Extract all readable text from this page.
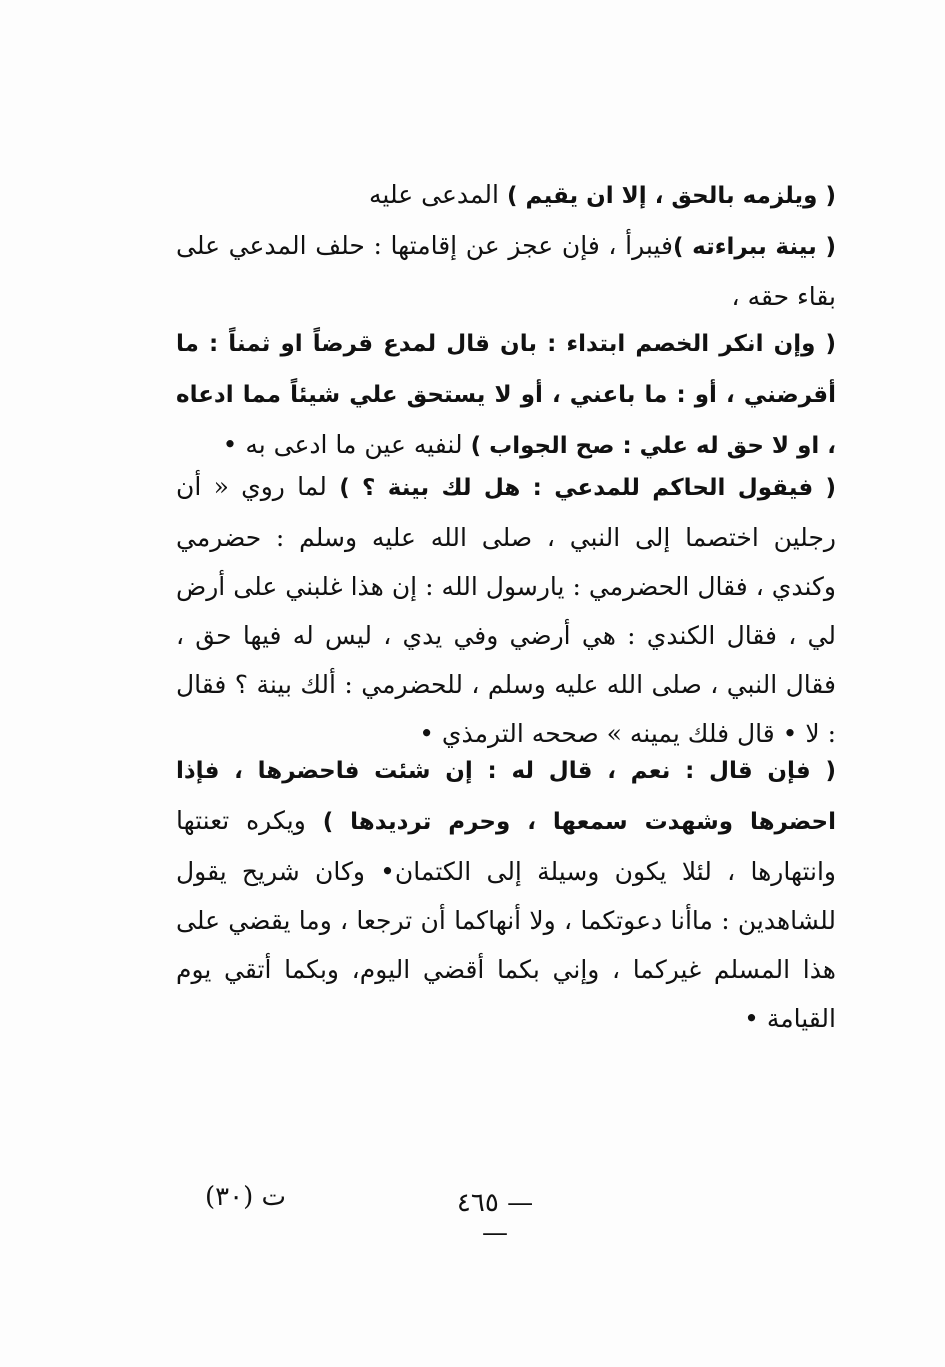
( ويلزمه بالحق ، إلا ان يقيم ) المدعى عليه
( بينة ببراءته )فيبرأ ، فإن عجز عن إقامتها : حلف المدعي على بقاء حقه ،

( وإن انكر الخصم ابتداء : بان قال لمدع قرضاً او ثمناً : ما أقرضني ، أو : ما باعني ، أو لا يستحق علي شيئاً مما ادعاه ، او لا حق له علي : صح الجواب ) لنفيه عين ما ادعى به •

( فيقول الحاكم للمدعي : هل لك بينة ؟ ) لما روي « أن رجلين اختصما إلى النبي ، صلى الله عليه وسلم : حضرمي وكندي ، فقال الحضرمي : يارسول الله : إن هذا غلبني على أرض لي ، فقال الكندي : هي أرضي وفي يدي ، ليس له فيها حق ، فقال النبي ، صلى الله عليه وسلم ، للحضرمي : ألك بينة ؟ فقال : لا • قال فلك يمينه » صححه الترمذي •

( فإن قال : نعم ، قال له : إن شئت فاحضرها ، فإذا احضرها وشهدت سمعها ، وحرم ترديدها ) ويكره تعنتها وانتهارها ، لئلا يكون وسيلة إلى الكتمان• وكان شريح يقول للشاهدين : ماأنا دعوتكما ، ولا أنهاكما أن ترجعا ، وما يقضي على هذا المسلم غيركما ، وإني بكما أقضي اليوم، وبكما أتقي يوم القيامة •

— ٤٦٥ —
ت (٣٠)
